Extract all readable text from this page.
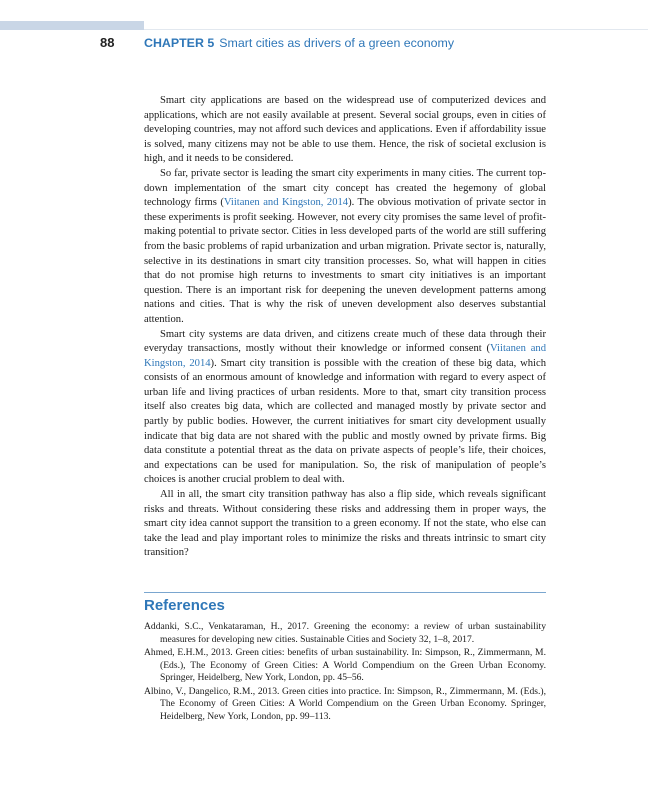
88 CHAPTER 5 Smart cities as drivers of a green economy

Smart city applications are based on the widespread use of computerized devices and applications, which are not easily available at present. Several social groups, even in cities of developing countries, may not afford such devices and applications. Even if affordability issue is solved, many citizens may not be able to use them. Hence, the risk of societal exclusion is high, and it needs to be considered.

So far, private sector is leading the smart city experiments in many cities. The current top-down implementation of the smart city concept has created the hegemony of global technology firms (Viitanen and Kingston, 2014). The obvious motivation of private sector in these experiments is profit seeking. However, not every city promises the same level of profit-making potential to private sector. Cities in less developed parts of the world are still suffering from the basic problems of rapid urbanization and urban migration. Private sector is, naturally, selective in its destinations in smart city transition processes. So, what will happen in cities that do not promise high returns to investments to smart city initiatives is an important question. There is an important risk for deepening the uneven development patterns among nations and cities. That is why the risk of uneven development also deserves substantial attention.

Smart city systems are data driven, and citizens create much of these data through their everyday transactions, mostly without their knowledge or informed consent (Viitanen and Kingston, 2014). Smart city transition is possible with the creation of these big data, which consists of an enormous amount of knowledge and information with regard to every aspect of urban life and living practices of urban residents. More to that, smart city transition process itself also creates big data, which are collected and managed mostly by private sector and partly by public bodies. However, the current initiatives for smart city development usually indicate that big data are not shared with the public and mostly owned by private firms. Big data constitute a potential threat as the data on private aspects of people’s life, their choices, and expectations can be used for manipulation. So, the risk of manipulation of people’s choices is another crucial problem to deal with.

All in all, the smart city transition pathway has also a flip side, which reveals significant risks and threats. Without considering these risks and addressing them in proper ways, the smart city idea cannot support the transition to a green economy. If not the state, who else can take the lead and play important roles to minimize the risks and threats intrinsic to smart city transition?

References
Addanki, S.C., Venkataraman, H., 2017. Greening the economy: a review of urban sustainability measures for developing new cities. Sustainable Cities and Society 32, 1–8, 2017.
Ahmed, E.H.M., 2013. Green cities: benefits of urban sustainability. In: Simpson, R., Zimmermann, M. (Eds.), The Economy of Green Cities: A World Compendium on the Green Urban Economy. Springer, Heidelberg, New York, London, pp. 45–56.
Albino, V., Dangelico, R.M., 2013. Green cities into practice. In: Simpson, R., Zimmermann, M. (Eds.), The Economy of Green Cities: A World Compendium on the Green Urban Economy. Springer, Heidelberg, New York, London, pp. 99–113.
